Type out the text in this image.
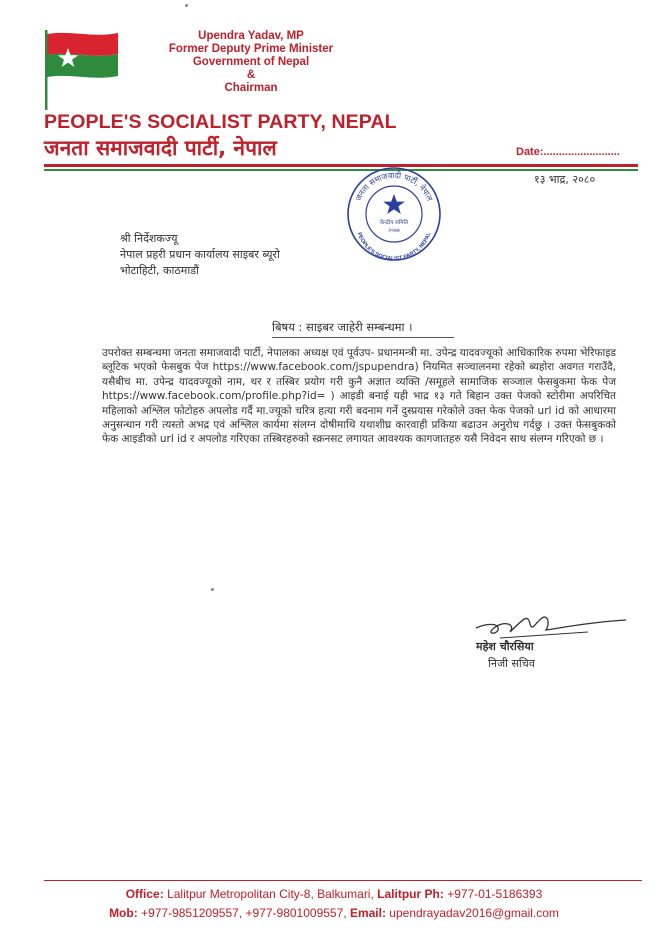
Upendra Yadav, MP
Former Deputy Prime Minister
Government of Nepal
&
Chairman
PEOPLE'S SOCIALIST PARTY, NEPAL
जनता समाजवादी पार्टी, नेपाल	Date:.........................
१३ भाद्र, २०८०
जनता समाजवादी पार्टी, नेपाल
PEOPLE'S SOCIALIST PARTY, NEPAL
केन्द्रीय समिति
२०७७
श्री निर्देशकज्यू
नेपाल प्रहरी प्रधान कार्यालय साइबर ब्यूरो
भोटाहिटी, काठमाडौं
बिषय : साइबर जाहेरी सम्बन्धमा ।
उपरोक्त सम्बन्धमा जनता समाजवादी पार्टी, नेपालका अध्यक्ष एवं पूर्वउप- प्रधानमन्त्री मा. उपेन्द्र यादवज्यूको आधिकारिक रुपमा भेरिफाइड ब्लूटिक भएको फेसबुक पेज https://www.facebook.com/jspupendra) नियमित सञ्चालनमा रहेको ब्यहोरा अवगत गराउँदै, यसैबीच मा. उपेन्द्र यादवज्यूको नाम, थर र तस्बिर प्रयोग गरी कुनै अज्ञात व्यक्ति /समूहले सामाजिक सञ्जाल फेसबुकमा फेक पेज https://www.facebook.com/profile.php?id= ) आइडी बनाई यही भाद्र १३ गते बिहान उक्त पेजको स्टोरीमा अपरिचित महिलाको अश्लिल फोटोहरु अपलोड गर्दै मा.ज्यूको चरित्र हत्या गरी बदनाम गर्ने दुस्प्रयास गरेकोले उक्त फेक पेजको url id को आधारमा अनुसन्धान गरी त्यस्तो अभद्र एवं अश्लिल कार्यमा संलग्न दोषीमाथि यथाशीघ्र कारवाही प्रकिया बढाउन अनुरोध गर्दछु । उक्त फेसबुकको फेक आइडीको url id र अपलोड गरिएका तस्बिरहरुको स्क्रनसट लगायत आवश्यक कागजातहरु यसै निवेदन साथ संलग्न गरिएको छ ।
महेश चौरसिया
निजी सचिव
Office: Lalitpur Metropolitan City-8, Balkumari, Lalitpur Ph: +977-01-5186393
Mob: +977-9851209557, +977-9801009557, Email: upendrayadav2016@gmail.com
